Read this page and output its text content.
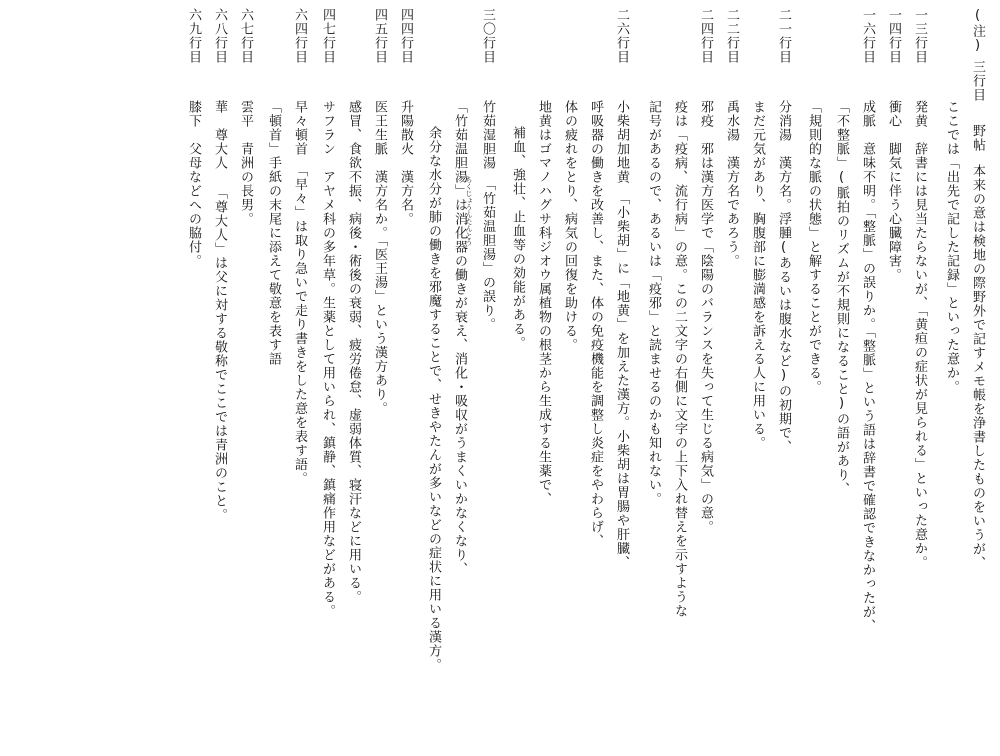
(注)三行目野帖本来の意は検地の際野外で記すメモ帳を浄書したものをいうが、
ここでは「出先で記した記録」といった意か。
一三行目発黄　辞書には見当たらないが、「黄疸の症状が見られる」といった意か。
一四行目衝心　脚気に伴う心臓障害。
一六行目成脈　意味不明。「整脈」の誤りか。「整脈」という語は辞書で確認できなかったが、
「不整脈」(脈拍のリズムが不規則になること)の語があり、
「規則的な脈の状態」と解することができる。
二一行目分消湯　漢方名。浮腫(あるいは腹水など)の初期で、
まだ元気があり、胸腹部に膨満感を訴える人に用いる。
二二行目禹水湯　漢方名であろう。
二四行目邪疫　邪は漢方医学で「陰陽のバランスを失って生じる病気」の意。
疫は「疫病、流行病」の意。この二文字の右側に文字の上下入れ替えを示すような
記号があるので、あるいは「疫邪」と読ませるのかも知れない。
二六行目小柴胡加地黄　「小柴胡」に「地黄」を加えた漢方。小柴胡は胃腸や肝臓、
呼吸器の働きを改善し、また、体の免疫機能を調整し炎症をやわらげ、
体の疲れをとり、病気の回復を助ける。
地黄はゴマノハグサ科ジオウ属植物の根茎から生成する生薬で、
補血、強壮、止血等の効能がある。
三〇行目竹茹湿胆湯　「竹茹温胆湯」の誤り。
ちくじょうんたんとう
「竹茹温胆湯」は消化器の働きが衰え、消化・吸収がうまくいかなくなり、
余分な水分が肺の働きを邪魔することで、せきやたんが多いなどの症状に用いる漢方。
四四行目升陽散火　漢方名。
四五行目医王生脈　漢方名か。「医王湯」という漢方あり。
感冒、食欲不振、病後・術後の衰弱、疲労倦怠、虚弱体質、寝汗などに用いる。
四七行目サフラン　アヤメ科の多年草。生薬として用いられ、鎮静、鎮痛作用などがある。
六四行目早々頓首　「早々」は取り急いで走り書きをした意を表す語。
「頓首」手紙の末尾に添えて敬意を表す語
六七行目雲平　青洲の長男。
六八行目華　尊大人 「尊大人」は父に対する敬称でここでは青洲のこと。
六九行目膝下　父母などへの脇付。
